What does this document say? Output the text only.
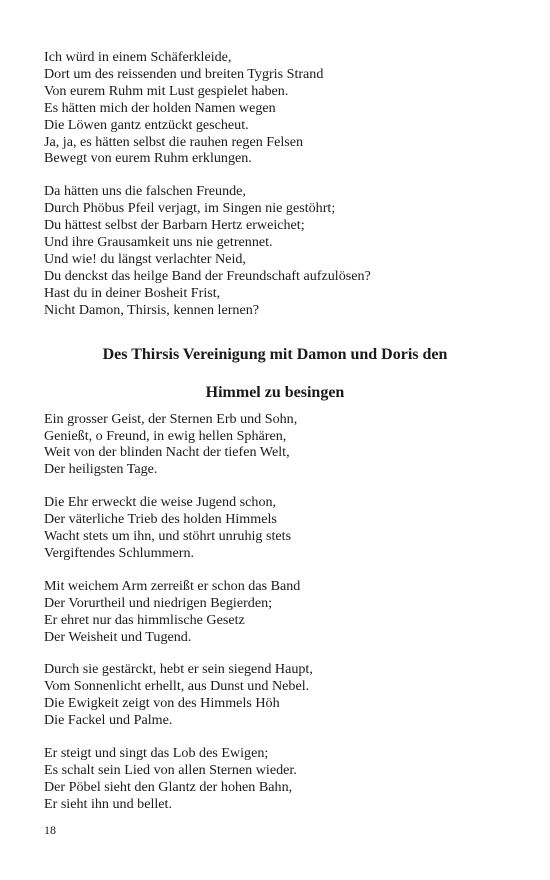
Ich würd in einem Schäferkleide,
Dort um des reissenden und breiten Tygris Strand
Von eurem Ruhm mit Lust gespielet haben.
Es hätten mich der holden Namen wegen
Die Löwen gantz entzückt gescheut.
Ja, ja, es hätten selbst die rauhen regen Felsen
Bewegt von eurem Ruhm erklungen.
Da hätten uns die falschen Freunde,
Durch Phöbus Pfeil verjagt, im Singen nie gestöhrt;
Du hättest selbst der Barbarn Hertz erweichet;
Und ihre Grausamkeit uns nie getrennet.
Und wie! du längst verlachter Neid,
Du denckst das heilge Band der Freundschaft aufzulösen?
Hast du in deiner Bosheit Frist,
Nicht Damon, Thirsis, kennen lernen?
Des Thirsis Vereinigung mit Damon und Doris den
Himmel zu besingen
Ein grosser Geist, der Sternen Erb und Sohn,
Genießt, o Freund, in ewig hellen Sphären,
Weit von der blinden Nacht der tiefen Welt,
Der heiligsten Tage.
Die Ehr erweckt die weise Jugend schon,
Der väterliche Trieb des holden Himmels
Wacht stets um ihn, und stöhrt unruhig stets
Vergiftendes Schlummern.
Mit weichem Arm zerreißt er schon das Band
Der Vorurtheil und niedrigen Begierden;
Er ehret nur das himmlische Gesetz
Der Weisheit und Tugend.
Durch sie gestärckt, hebt er sein siegend Haupt,
Vom Sonnenlicht erhellt, aus Dunst und Nebel.
Die Ewigkeit zeigt von des Himmels Höh
Die Fackel und Palme.
Er steigt und singt das Lob des Ewigen;
Es schalt sein Lied von allen Sternen wieder.
Der Pöbel sieht den Glantz der hohen Bahn,
Er sieht ihn und bellet.
18
